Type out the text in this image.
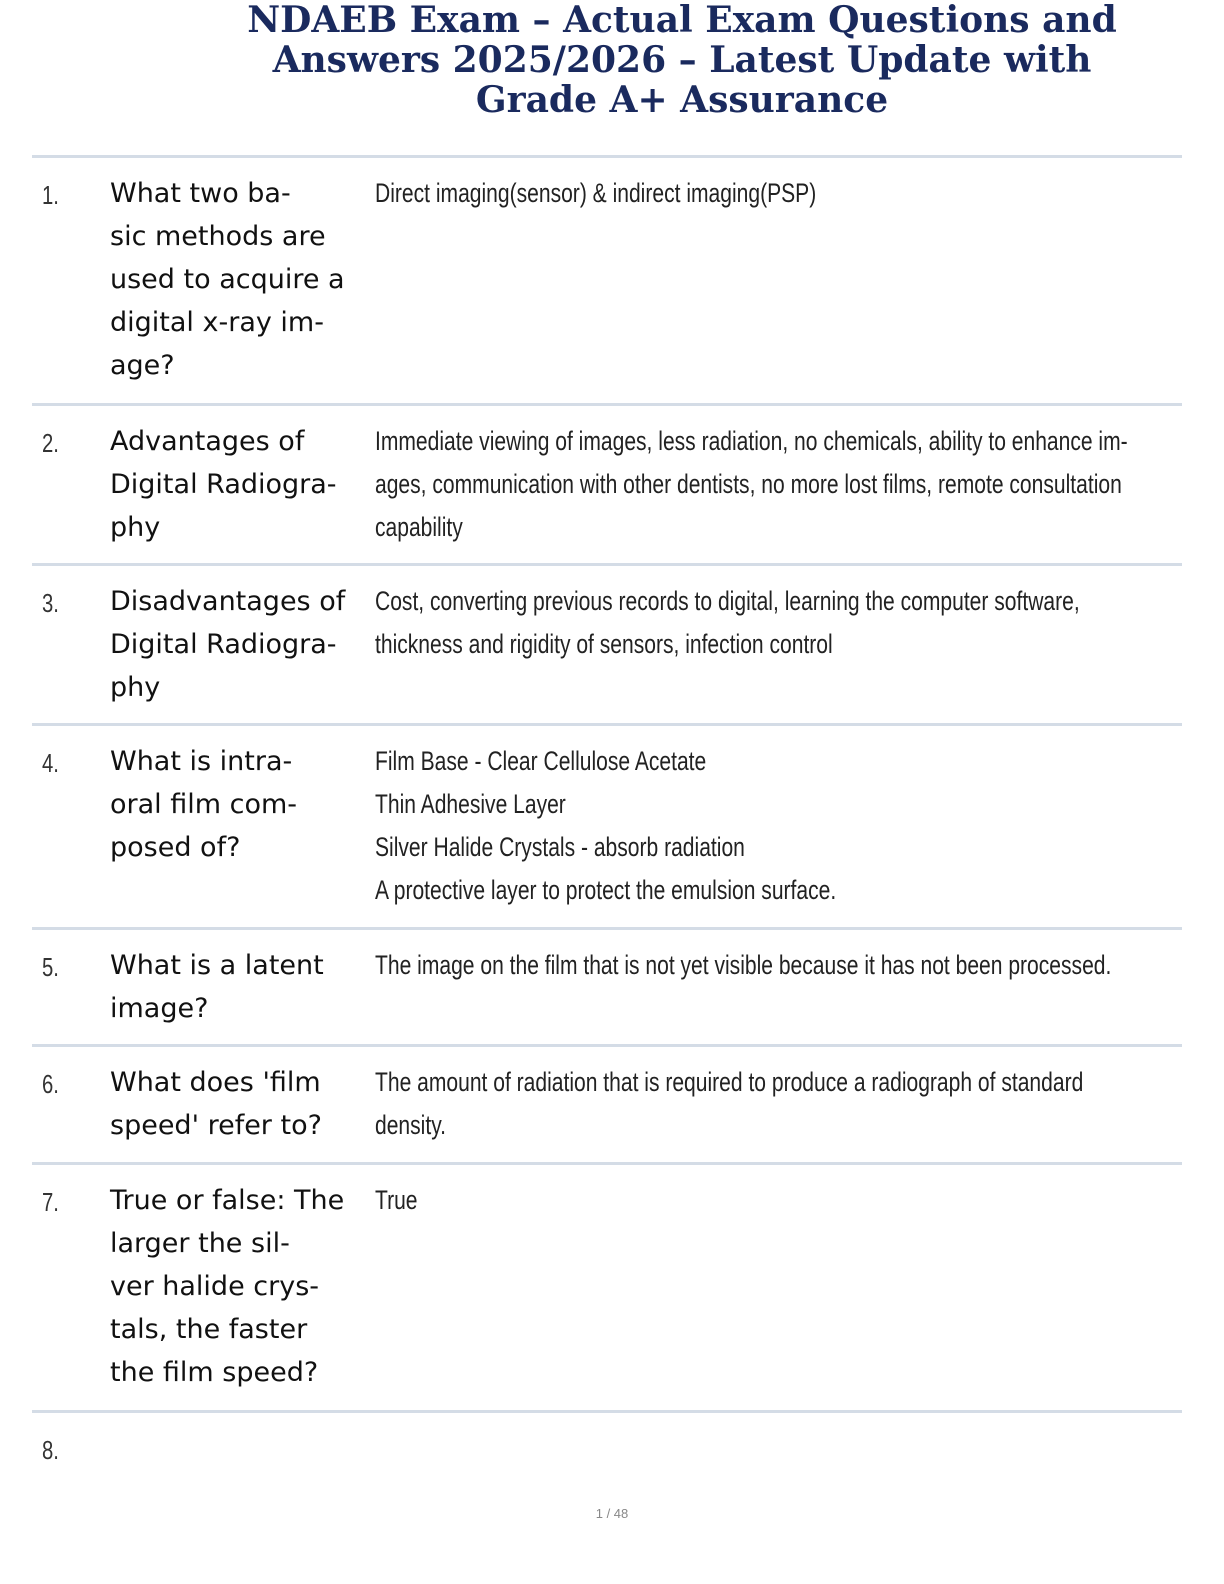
NDAEB Exam – Actual Exam Questions and
Answers 2025/2026 – Latest Update with
Grade A+ Assurance
1. What two ba-
sic methods are
used to acquire a
digital x-ray im-
age?
Direct imaging(sensor) & indirect imaging(PSP)
2. Advantages of
Digital Radiogra-
phy
Immediate viewing of images, less radiation, no chemicals, ability to enhance im-
ages, communication with other dentists, no more lost films, remote consultation
capability
3. Disadvantages of
Digital Radiogra-
phy
Cost, converting previous records to digital, learning the computer software,
thickness and rigidity of sensors, infection control
4. What is intra-
oral film com-
posed of?
Film Base - Clear Cellulose Acetate
Thin Adhesive Layer
Silver Halide Crystals - absorb radiation
A protective layer to protect the emulsion surface.
5. What is a latent
image?
The image on the film that is not yet visible because it has not been processed.
6. What does 'film
speed' refer to?
The amount of radiation that is required to produce a radiograph of standard
density.
7. True or false: The
larger the sil-
ver halide crys-
tals, the faster
the film speed?
True
8.
1 / 48
